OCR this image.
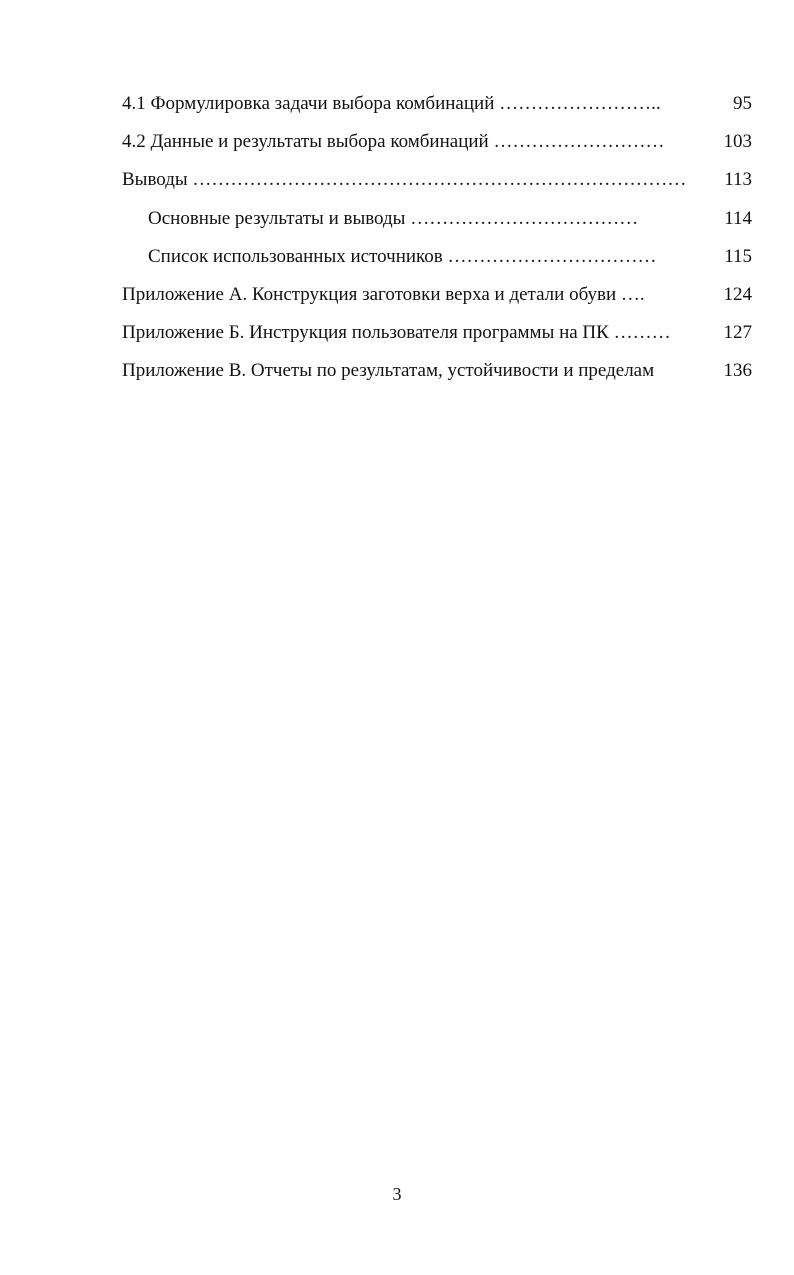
4.1 Формулировка задачи выбора комбинаций ……………………..	95
4.2 Данные и результаты выбора комбинаций ………………………	103
Выводы …………………………………………………………………… 113
Основные результаты и выводы ………………………………	114
Список использованных источников ……………………………	115
Приложение А. Конструкция заготовки верха и детали обуви ….	124
Приложение Б. Инструкция пользователя программы на ПК ………	127
Приложение В. Отчеты по результатам, устойчивости и пределам	136
3
